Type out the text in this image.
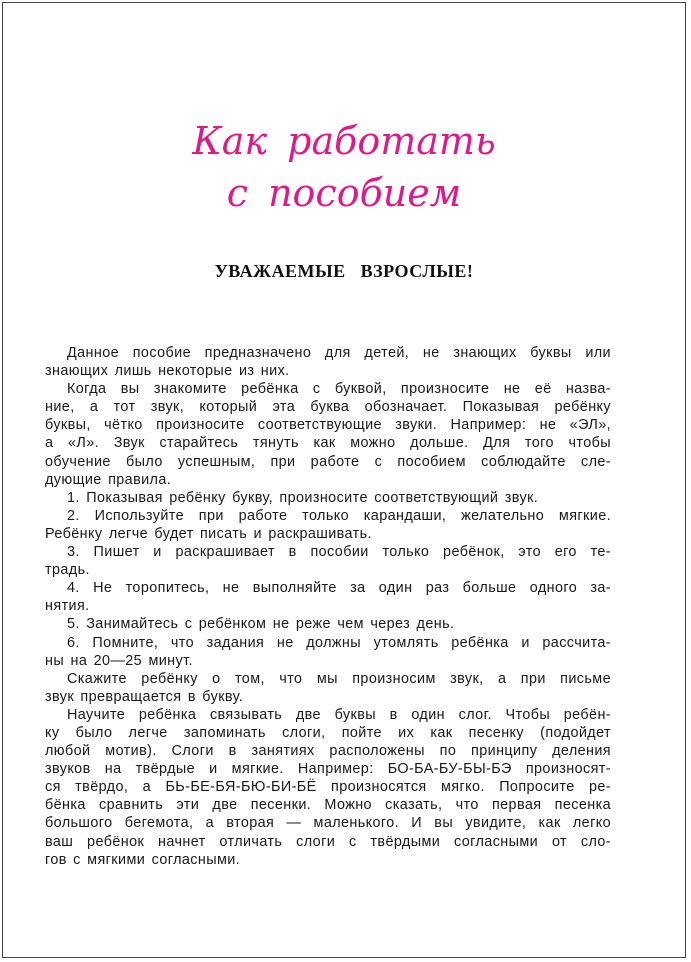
Как работать
с пособием
УВАЖАЕМЫЕ ВЗРОСЛЫЕ!
Данное пособие предназначено для детей, не знающих буквы или
знающих лишь некоторые из них.
Когда вы знакомите ребёнка с буквой, произносите не её назва-
ние, а тот звук, который эта буква обозначает. Показывая ребёнку
буквы, чётко произносите соответствующие звуки. Например: не «ЭЛ»,
а «Л». Звук старайтесь тянуть как можно дольше. Для того чтобы
обучение было успешным, при работе с пособием соблюдайте сле-
дующие правила.
1. Показывая ребёнку букву, произносите соответствующий звук.
2. Используйте при работе только карандаши, желательно мягкие.
Ребёнку легче будет писать и раскрашивать.
3. Пишет и раскрашивает в пособии только ребёнок, это его те-
традь.
4. Не торопитесь, не выполняйте за один раз больше одного за-
нятия.
5. Занимайтесь с ребёнком не реже чем через день.
6. Помните, что задания не должны утомлять ребёнка и рассчита-
ны на 20—25 минут.
Скажите ребёнку о том, что мы произносим звук, а при письме
звук превращается в букву.
Научите ребёнка связывать две буквы в один слог. Чтобы ребён-
ку было легче запоминать слоги, пойте их как песенку (подойдет
любой мотив). Слоги в занятиях расположены по принципу деления
звуков на твёрдые и мягкие. Например: БО-БА-БУ-БЫ-БЭ произносят-
ся твёрдо, а БЬ-БЕ-БЯ-БЮ-БИ-БЁ произносятся мягко. Попросите ре-
бёнка сравнить эти две песенки. Можно сказать, что первая песенка
большого бегемота, а вторая — маленького. И вы увидите, как легко
ваш ребёнок начнет отличать слоги с твёрдыми согласными от сло-
гов с мягкими согласными.
